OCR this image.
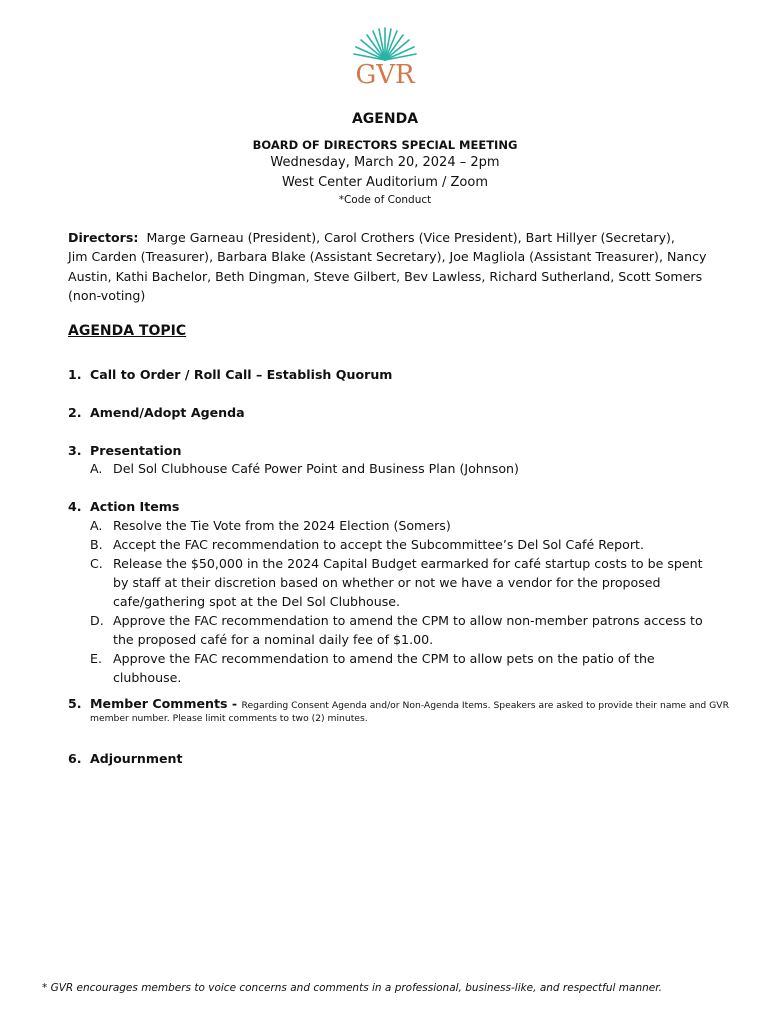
GVR
AGENDA
BOARD OF DIRECTORS SPECIAL MEETING
Wednesday, March 20, 2024 – 2pm
West Center Auditorium / Zoom
*Code of Conduct
Directors: Marge Garneau (President), Carol Crothers (Vice President), Bart Hillyer (Secretary),
Jim Carden (Treasurer), Barbara Blake (Assistant Secretary), Joe Magliola (Assistant Treasurer), Nancy
Austin, Kathi Bachelor, Beth Dingman, Steve Gilbert, Bev Lawless, Richard Sutherland, Scott Somers
(non-voting)
AGENDA TOPIC
1. Call to Order / Roll Call – Establish Quorum
2. Amend/Adopt Agenda
3. Presentation
A. Del Sol Clubhouse Café Power Point and Business Plan (Johnson)
4. Action Items
A. Resolve the Tie Vote from the 2024 Election (Somers)
B. Accept the FAC recommendation to accept the Subcommittee’s Del Sol Café Report.
C. Release the $50,000 in the 2024 Capital Budget earmarked for café startup costs to be spent by staff at their discretion based on whether or not we have a vendor for the proposed cafe/gathering spot at the Del Sol Clubhouse.
D. Approve the FAC recommendation to amend the CPM to allow non-member patrons access to the proposed café for a nominal daily fee of $1.00.
E. Approve the FAC recommendation to amend the CPM to allow pets on the patio of the clubhouse.
5. Member Comments - Regarding Consent Agenda and/or Non-Agenda Items. Speakers are asked to provide their name and GVR
member number. Please limit comments to two (2) minutes.
6. Adjournment
* GVR encourages members to voice concerns and comments in a professional, business-like, and respectful manner.
